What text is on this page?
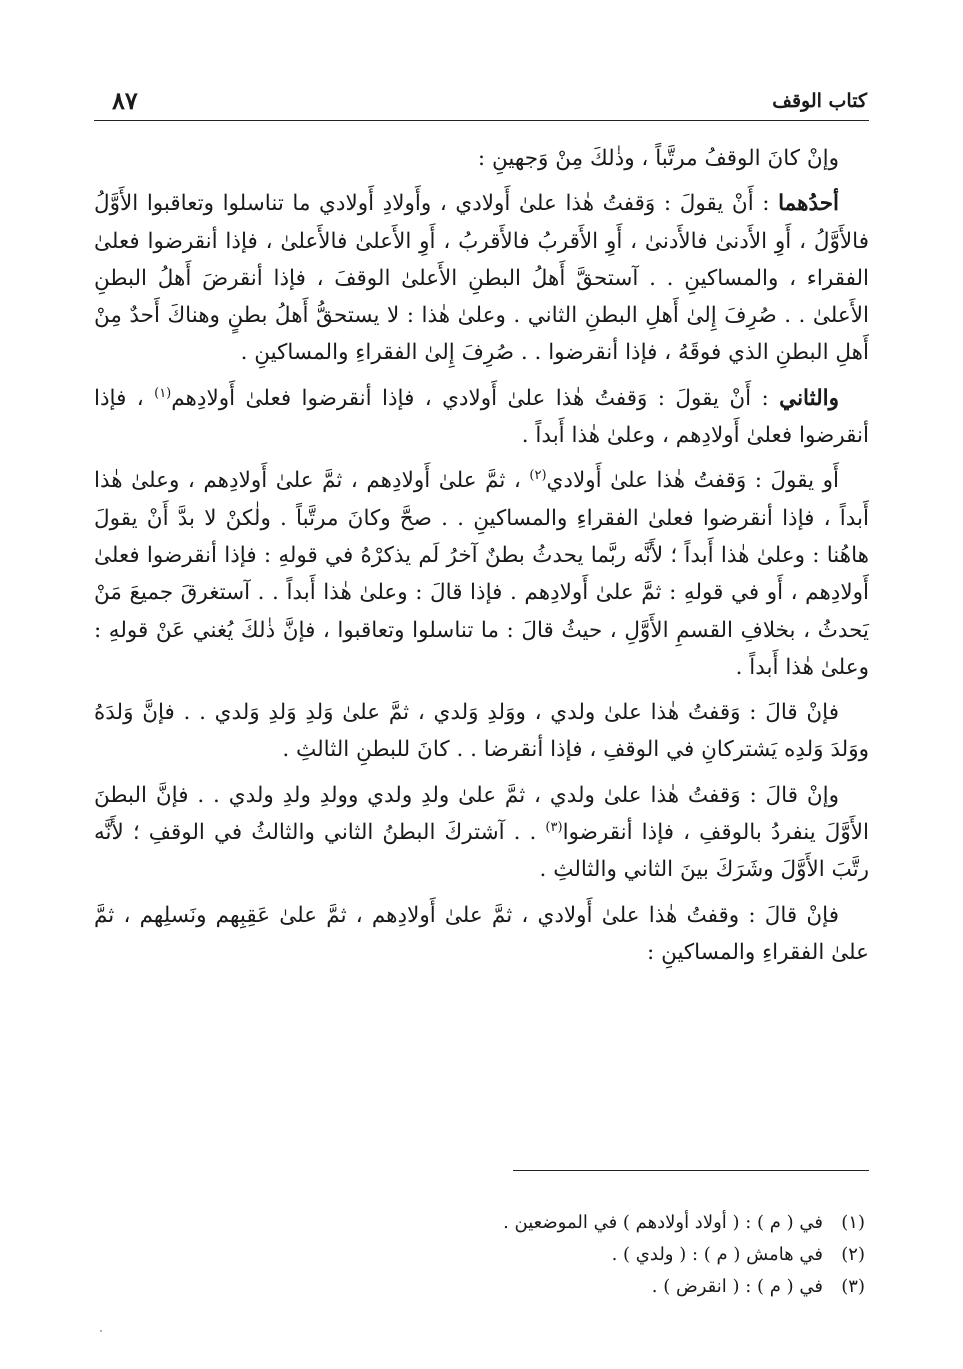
كتاب الوقف
٨٧

وإنْ كانَ الوقفُ مرتَّباً ، وذٰلكَ مِنْ وَجهينِ :

أحدُهما : أَنْ يقولَ : وَقفتُ هٰذا علىٰ أَولادي ، وأَولادِ أَولادي ما تناسلوا وتعاقبوا الأَوَّلُ فالأَوَّلُ ، أَوِ الأَدنىٰ فالأَدنىٰ ، أَوِ الأَقربُ فالأَقربُ ، أَوِ الأَعلىٰ فالأَعلىٰ ، فإذا أنقرضوا فعلىٰ الفقراء ، والمساكينِ . . آستحقَّ أَهلُ البطنِ الأَعلىٰ الوقفَ ، فإذا أنقرضَ أَهلُ البطنِ الأَعلىٰ . . صُرِفَ إِلىٰ أَهلِ البطنِ الثاني . وعلىٰ هٰذا : لا يستحقُّ أَهلُ بطنٍ وهناكَ أَحدٌ مِنْ أَهلِ البطنِ الذي فوقَهُ ، فإذا أنقرضوا . . صُرِفَ إِلىٰ الفقراءِ والمساكينِ .

والثاني : أَنْ يقولَ : وَقفتُ هٰذا علىٰ أَولادي ، فإذا أنقرضوا فعلىٰ أَولادِهم$^{(١)}$ ، فإذا أنقرضوا فعلىٰ أَولادِهم ، وعلىٰ هٰذا أَبداً .

أَو يقولَ : وَقفتُ هٰذا علىٰ أَولادي$^{(٢)}$ ، ثمَّ علىٰ أَولادِهم ، ثمَّ علىٰ أَولادِهم ، وعلىٰ هٰذا أَبداً ، فإذا أنقرضوا فعلىٰ الفقراءِ والمساكينِ . . صحَّ وكانَ مرتَّباً . ولٰكنْ لا بدَّ أَنْ يقولَ هاهُنا : وعلىٰ هٰذا أَبداً ؛ لأَنَّه ربَّما يحدثُ بطنٌ آخرُ لَم يذكرْهُ في قولهِ : فإذا أنقرضوا فعلىٰ أَولادِهم ، أَو في قولهِ : ثمَّ علىٰ أَولادِهم . فإذا قالَ : وعلىٰ هٰذا أَبداً . . آستغرقَ جميعَ مَنْ يَحدثُ ، بخلافِ القسمِ الأَوَّلِ ، حيثُ قالَ : ما تناسلوا وتعاقبوا ، فإنَّ ذٰلكَ يُغني عَنْ قولهِ : وعلىٰ هٰذا أَبداً .

فإنْ قالَ : وَقفتُ هٰذا علىٰ ولدي ، ووَلدِ وَلدي ، ثمَّ علىٰ وَلدِ وَلدِ وَلدي . . فإنَّ وَلدَهُ ووَلدَ وَلدِه يَشتركانِ في الوقفِ ، فإذا أنقرضا . . كانَ للبطنِ الثالثِ .

وإنْ قالَ : وَقفتُ هٰذا علىٰ ولدي ، ثمَّ علىٰ ولدِ ولدي وولدِ ولدِ ولدي . . فإنَّ البطنَ الأَوَّلَ ينفردُ بالوقفِ ، فإذا أنقرضوا$^{(٣)}$ . . آشتركَ البطنُ الثاني والثالثُ في الوقفِ ؛ لأَنَّه رتَّبَ الأَوَّلَ وشَرَكَ بينَ الثاني والثالثِ .

فإنْ قالَ : وقفتُ هٰذا علىٰ أَولادي ، ثمَّ علىٰ أَولادِهم ، ثمَّ علىٰ عَقِبِهم ونَسلِهم ، ثمَّ علىٰ الفقراءِ والمساكينِ :

(١)في ( م ) : ( أولاد أولادهم ) في الموضعين .
(٢)في هامش ( م ) : ( ولدي ) .
(٣)في ( م ) : ( انقرض ) .
